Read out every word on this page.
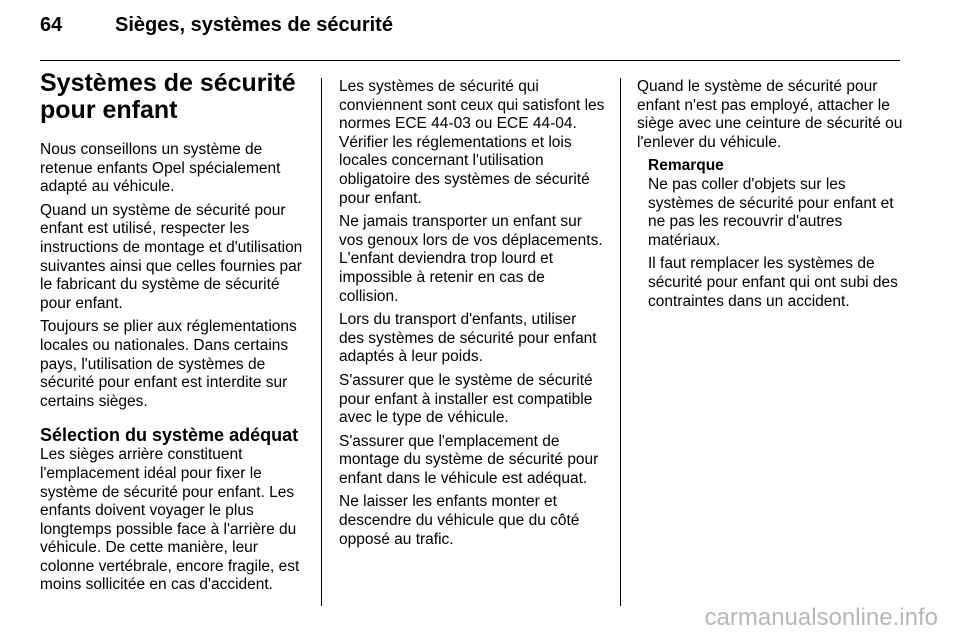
64	Sièges, systèmes de sécurité
Systèmes de sécurité
pour enfant

Nous conseillons un système de retenue enfants Opel spécialement adapté au véhicule.

Quand un système de sécurité pour enfant est utilisé, respecter les instructions de montage et d'utilisation suivantes ainsi que celles fournies par le fabricant du système de sécurité pour enfant.

Toujours se plier aux réglementations locales ou nationales. Dans certains pays, l'utilisation de systèmes de sécurité pour enfant est interdite sur certains sièges.

Sélection du système adéquat

Les sièges arrière constituent l'emplacement idéal pour fixer le système de sécurité pour enfant. Les enfants doivent voyager le plus longtemps possible face à l'arrière du véhicule. De cette manière, leur colonne vertébrale, encore fragile, est moins sollicitée en cas d'accident.

Les systèmes de sécurité qui conviennent sont ceux qui satisfont les normes ECE 44-03 ou ECE 44-04. Vérifier les réglementations et lois locales concernant l'utilisation obligatoire des systèmes de sécurité pour enfant.

Ne jamais transporter un enfant sur vos genoux lors de vos déplacements. L'enfant deviendra trop lourd et impossible à retenir en cas de collision.

Lors du transport d'enfants, utiliser des systèmes de sécurité pour enfant adaptés à leur poids.

S'assurer que le système de sécurité pour enfant à installer est compatible avec le type de véhicule.

S'assurer que l'emplacement de montage du système de sécurité pour enfant dans le véhicule est adéquat.

Ne laisser les enfants monter et descendre du véhicule que du côté opposé au trafic.

Quand le système de sécurité pour enfant n'est pas employé, attacher le siège avec une ceinture de sécurité ou l'enlever du véhicule.

Remarque

Ne pas coller d'objets sur les systèmes de sécurité pour enfant et ne pas les recouvrir d'autres matériaux.

Il faut remplacer les systèmes de sécurité pour enfant qui ont subi des contraintes dans un accident.

carmanualsonline.info
